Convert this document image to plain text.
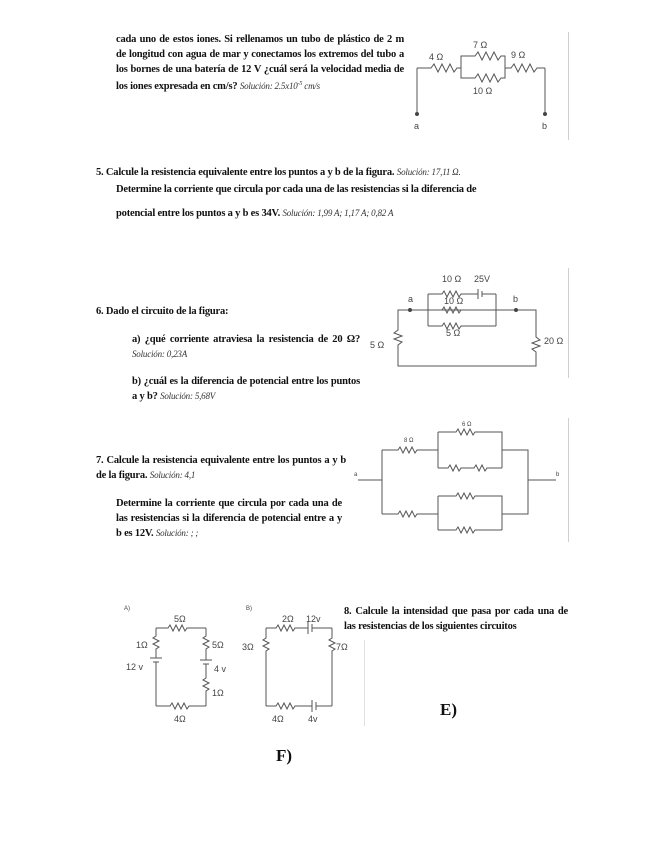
cada uno de estos iones. Si rellenamos un tubo de plástico de 2 m de longitud con agua de mar y conectamos los extremos del tubo a los bornes de una batería de 12 V ¿cuál será la velocidad media de los iones expresada en cm/s? Solución: $2.5x10^{-5}$ cm/s
4 Ω
7 Ω
9 Ω
10 Ω
a	b
5. Calcule la resistencia equivalente entre los puntos a y b de la figura. Solución: 17,11 Ω.
Determine la corriente que circula por cada una de las resistencias si la diferencia de
potencial entre los puntos a y b es 34V. Solución: 1,99 A; 1,17 A; 0,82 A
6. Dado el circuito de la figura:
a) ¿qué corriente atraviesa la resistencia de 20 Ω? Solución: 0,23A
b) ¿cuál es la diferencia de potencial entre los puntos a y b? Solución: 5,68V
a	b
10 Ω 25V
10 Ω
5 Ω
5 Ω	20 Ω
7. Calcule la resistencia equivalente entre los puntos a y b de la figura. Solución: 4,1
Determine la corriente que circula por cada una de las resistencias si la diferencia de potencial entre a y b es 12V. Solución: ; ;
a	b
8 Ω
6 Ω
8. Calcule la intensidad que pasa por cada una de las resistencias de los siguientes circuitos
E)
F)
A)
5Ω
1Ω	5Ω
12 v	4 v
1Ω
4Ω
B)
2Ω 12v
3Ω	7Ω
4Ω	4v
